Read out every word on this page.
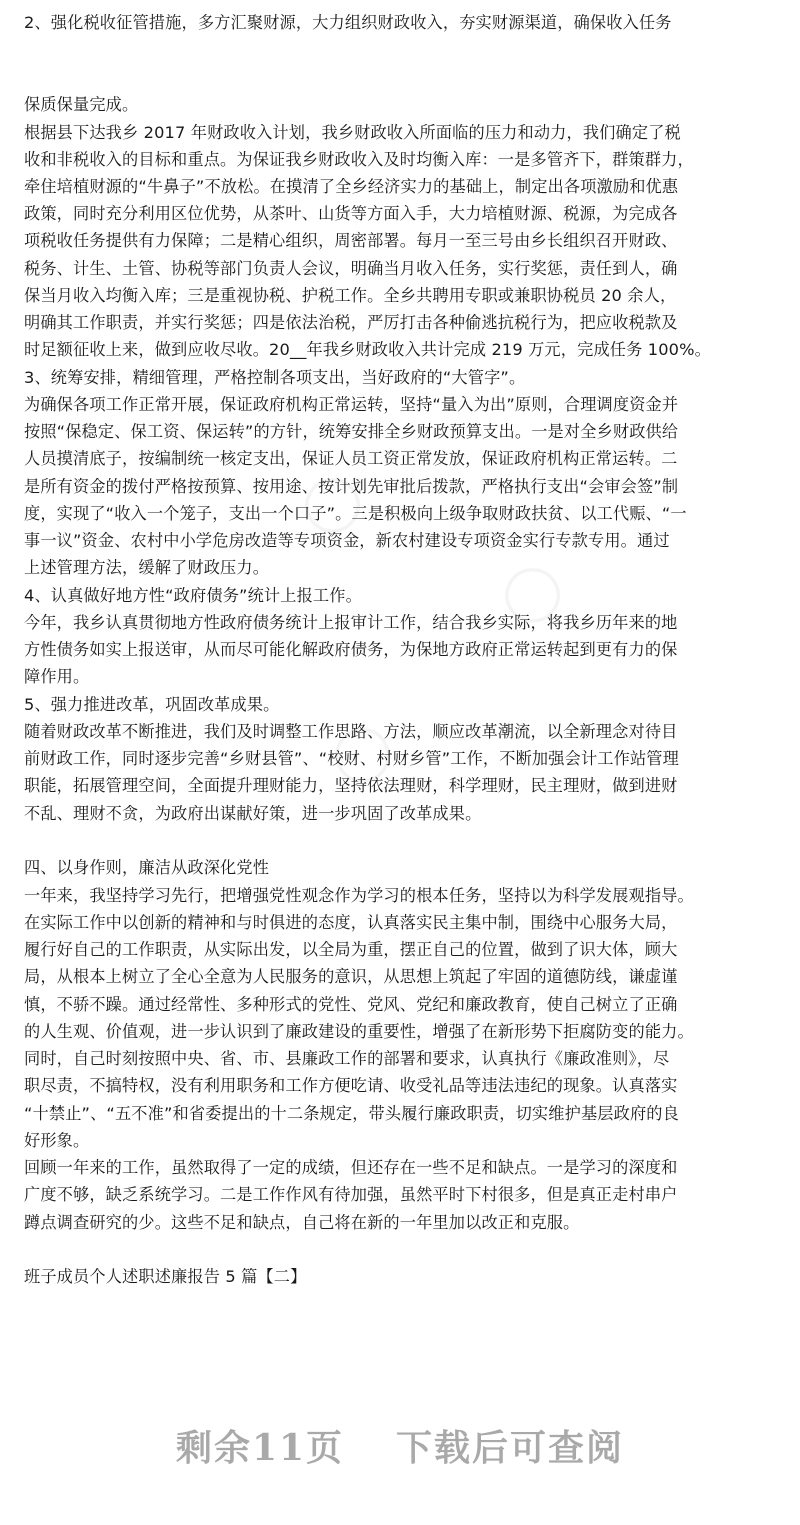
2、强化税收征管措施，多方汇聚财源，大力组织财政收入，夯实财源渠道，确保收入任务
保质保量完成。
根据县下达我乡 2017 年财政收入计划，我乡财政收入所面临的压力和动力，我们确定了税
收和非税收入的目标和重点。为保证我乡财政收入及时均衡入库：一是多管齐下，群策群力，
牵住培植财源的“牛鼻子”不放松。在摸清了全乡经济实力的基础上，制定出各项激励和优惠
政策，同时充分利用区位优势，从茶叶、山货等方面入手，大力培植财源、税源，为完成各
项税收任务提供有力保障；二是精心组织，周密部署。每月一至三号由乡长组织召开财政、
税务、计生、土管、协税等部门负责人会议，明确当月收入任务，实行奖惩，责任到人，确
保当月收入均衡入库；三是重视协税、护税工作。全乡共聘用专职或兼职协税员 20 余人，
明确其工作职责，并实行奖惩；四是依法治税，严厉打击各种偷逃抗税行为，把应收税款及
时足额征收上来，做到应收尽收。20__年我乡财政收入共计完成 219 万元，完成任务 100%。
3、统筹安排，精细管理，严格控制各项支出，当好政府的“大管字”。
为确保各项工作正常开展，保证政府机构正常运转，坚持“量入为出”原则，合理调度资金并
按照“保稳定、保工资、保运转”的方针，统筹安排全乡财政预算支出。一是对全乡财政供给
人员摸清底子，按编制统一核定支出，保证人员工资正常发放，保证政府机构正常运转。二
是所有资金的拨付严格按预算、按用途、按计划先审批后拨款，严格执行支出“会审会签”制
度，实现了“收入一个笼子，支出一个口子”。三是积极向上级争取财政扶贫、以工代赈、“一
事一议”资金、农村中小学危房改造等专项资金，新农村建设专项资金实行专款专用。通过
上述管理方法，缓解了财政压力。
4、认真做好地方性“政府债务”统计上报工作。
今年，我乡认真贯彻地方性政府债务统计上报审计工作，结合我乡实际，将我乡历年来的地
方性债务如实上报送审，从而尽可能化解政府债务，为保地方政府正常运转起到更有力的保
障作用。
5、强力推进改革，巩固改革成果。
随着财政改革不断推进，我们及时调整工作思路、方法，顺应改革潮流，以全新理念对待目
前财政工作，同时逐步完善“乡财县管”、“校财、村财乡管”工作，不断加强会计工作站管理
职能，拓展管理空间，全面提升理财能力，坚持依法理财，科学理财，民主理财，做到进财
不乱、理财不贪，为政府出谋献好策，进一步巩固了改革成果。
四、以身作则，廉洁从政深化党性
一年来，我坚持学习先行，把增强党性观念作为学习的根本任务，坚持以为科学发展观指导。
在实际工作中以创新的精神和与时俱进的态度，认真落实民主集中制，围绕中心服务大局，
履行好自己的工作职责，从实际出发，以全局为重，摆正自己的位置，做到了识大体，顾大
局，从根本上树立了全心全意为人民服务的意识，从思想上筑起了牢固的道德防线，谦虚谨
慎，不骄不躁。通过经常性、多种形式的党性、党风、党纪和廉政教育，使自己树立了正确
的人生观、价值观，进一步认识到了廉政建设的重要性，增强了在新形势下拒腐防变的能力。
同时，自己时刻按照中央、省、市、县廉政工作的部署和要求，认真执行《廉政准则》，尽
职尽责，不搞特权，没有利用职务和工作方便吃请、收受礼品等违法违纪的现象。认真落实
“十禁止”、“五不准”和省委提出的十二条规定，带头履行廉政职责，切实维护基层政府的良
好形象。
回顾一年来的工作，虽然取得了一定的成绩，但还存在一些不足和缺点。一是学习的深度和
广度不够，缺乏系统学习。二是工作作风有待加强，虽然平时下村很多，但是真正走村串户
蹲点调查研究的少。这些不足和缺点，自己将在新的一年里加以改正和克服。
班子成员个人述职述廉报告 5 篇【二】
剩余11页 下载后可查阅
